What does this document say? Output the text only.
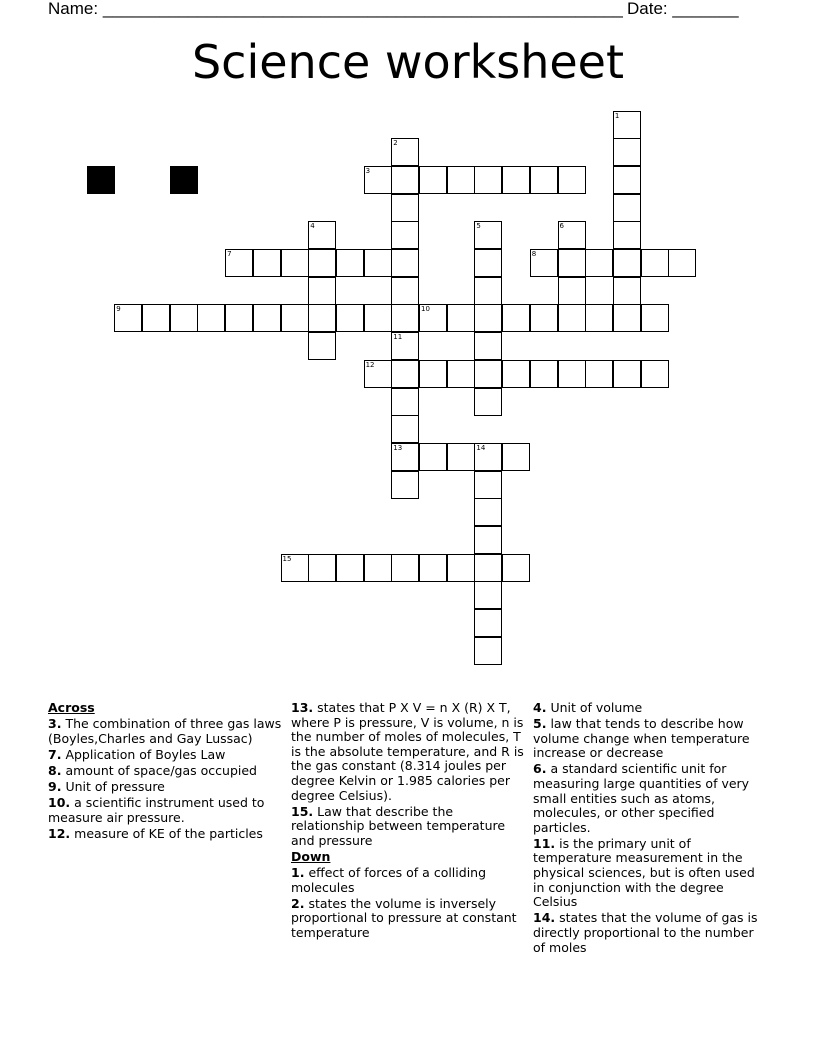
Name: _______________________________________________________ Date: _______
Science worksheet
1
2
11
13
3
4	5	6
7	8
9	10
12
14
15
Across
3. The combination of three gas laws (Boyles,Charles and Gay Lussac)
7. Application of Boyles Law
8. amount of space/gas occupied
9. Unit of pressure
10. a scientific instrument used to measure air pressure.
12. measure of KE of the particles
13. states that P X V = n X (R) X T, where P is pressure, V is volume, n is the number of moles of molecules, T is the absolute temperature, and R is the gas constant (8.314 joules per degree Kelvin or 1.985 calories per degree Celsius).
15. Law that describe the relationship between temperature and pressure
Down
1. effect of forces of a colliding molecules
2. states the volume is inversely proportional to pressure at constant temperature
4. Unit of volume
5. law that tends to describe how volume change when temperature increase or decrease
6. a standard scientific unit for measuring large quantities of very small entities such as atoms, molecules, or other specified particles.
11. is the primary unit of temperature measurement in the physical sciences, but is often used in conjunction with the degree Celsius
14. states that the volume of gas is directly proportional to the number of moles
